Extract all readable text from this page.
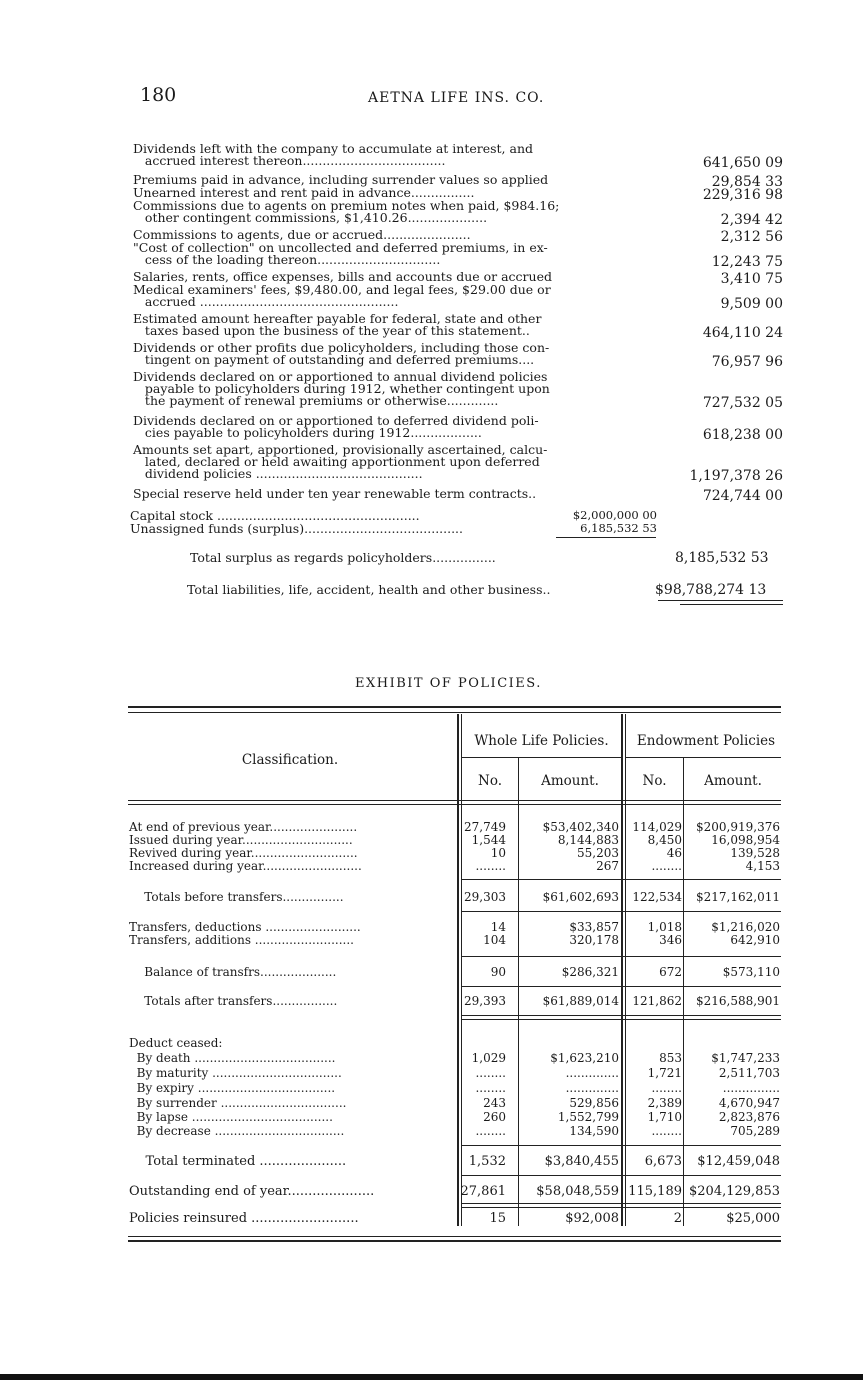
180	AETNA LIFE INS. CO.
Dividends left with the company to accumulate at interest, and
accrued interest thereon....................................	641,650 09
Premiums paid in advance, including surrender values so applied	29,854 33
Unearned interest and rent paid in advance................	229,316 98
Commissions due to agents on premium notes when paid, $984.16;
other contingent commissions, $1,410.26....................	2,394 42
Commissions to agents, due or accrued......................	2,312 56
"Cost of collection" on uncollected and deferred premiums, in ex-
cess of the loading thereon...............................	12,243 75
Salaries, rents, office expenses, bills and accounts due or accrued	3,410 75
Medical examiners' fees, $9,480.00, and legal fees, $29.00 due or
accrued ..................................................	9,509 00
Estimated amount hereafter payable for federal, state and other
taxes based upon the business of the year of this statement..	464,110 24
Dividends or other profits due policyholders, including those con-
tingent on payment of outstanding and deferred premiums....	76,957 96
Dividends declared on or apportioned to annual dividend policies
payable to policyholders during 1912, whether contingent upon
the payment of renewal premiums or otherwise.............	727,532 05
Dividends declared on or apportioned to deferred dividend poli-
cies payable to policyholders during 1912..................	618,238 00
Amounts set apart, apportioned, provisionally ascertained, calcu-
lated, declared or held awaiting apportionment upon deferred
dividend policies ..........................................	1,197,378 26
Special reserve held under ten year renewable term contracts..	724,744 00
Capital stock ...................................................	$2,000,000 00
Unassigned funds (surplus)........................................	6,185,532 53
Total surplus as regards policyholders................	8,185,532 53
Total liabilities, life, accident, health and other business..	$98,788,274 13
EXHIBIT OF POLICIES.
Classification.
Whole Life Policies.	Endowment Policies
No.	Amount.	No.	Amount.
At end of previous year.......................	27,749	$53,402,340 114,029 $200,919,376
Issued during year.............................	1,544	8,144,883 8,450 16,098,954
Revived during year............................	10	55,203	46	139,528
Increased during year..........................	........	267	........	4,153
Totals before transfers................	29,303	$61,602,693 122,534 $217,162,011
Transfers, deductions .........................	14	$33,857 1,018 $1,216,020
Transfers, additions ..........................	104	320,178	346	642,910
Balance of transfrs....................	90	$286,321	672	$573,110
Totals after transfers.................	29,393	$61,889,014 121,862 $216,588,901
Deduct ceased:
By death .....................................	1,029	$1,623,210	853 $1,747,233
By maturity ..................................	........	.............. 1,721	2,511,703
By expiry ....................................	........	..............	........	...............
By surrender .................................	243	529,856 2,389	4,670,947
By lapse .....................................	260	1,552,799 1,710	2,823,876
By decrease ..................................	........	134,590	........	705,289
Total terminated .....................	1,532	$3,840,455 6,673 $12,459,048
Outstanding end of year.....................	27,861 $58,048,559 115,189 $204,129,853
Policies reinsured ..........................	15	$92,008	2	$25,000
